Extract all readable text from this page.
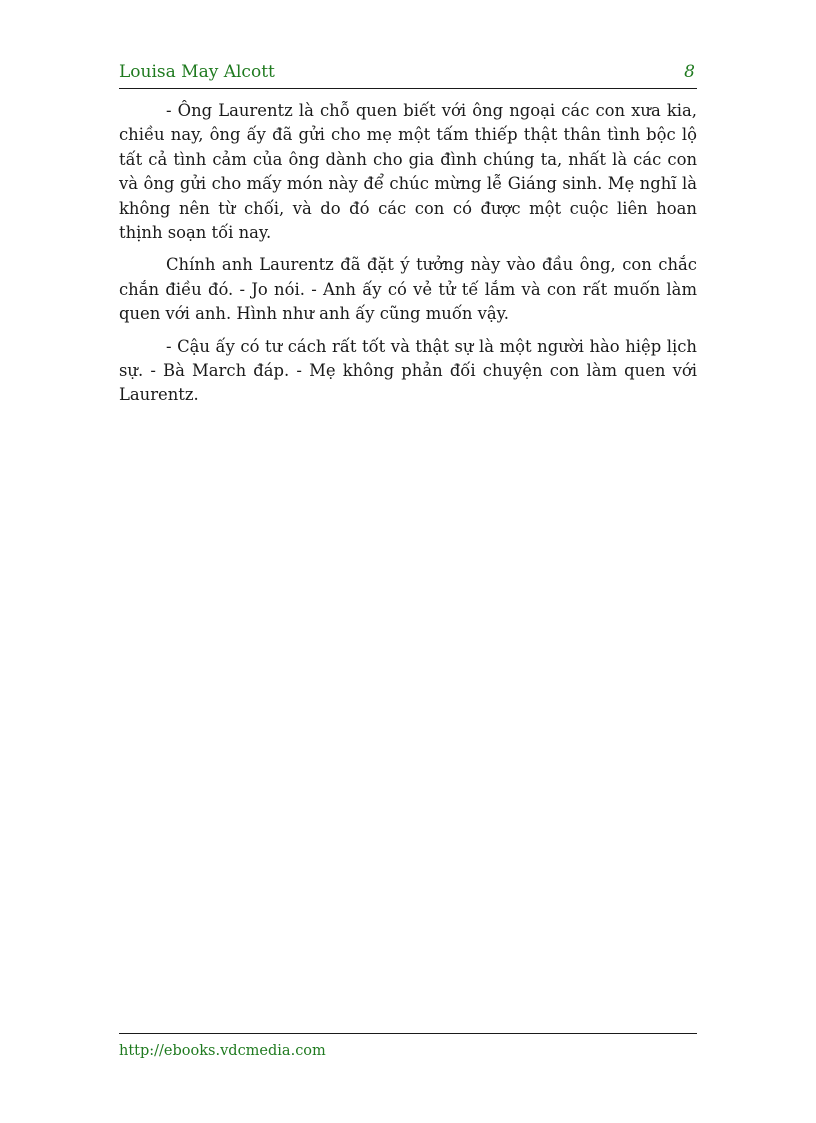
Louisa May Alcott	8

- Ông Laurentz là chỗ quen biết với ông ngoại các con xưa kia, chiều nay, ông ấy đã gửi cho mẹ một tấm thiếp thật thân tình bộc lộ tất cả tình cảm của ông dành cho gia đình chúng ta, nhất là các con và ông gửi cho mấy món này để chúc mừng lễ Giáng sinh. Mẹ nghĩ là không nên từ chối, và do đó các con có được một cuộc liên hoan thịnh soạn tối nay.

Chính anh Laurentz đã đặt ý tưởng này vào đầu ông, con chắc chắn điều đó. - Jo nói. - Anh ấy có vẻ tử tế lắm và con rất muốn làm quen với anh. Hình như anh ấy cũng muốn vậy.

- Cậu ấy có tư cách rất tốt và thật sự là một người hào hiệp lịch sự. - Bà March đáp. - Mẹ không phản đối chuyện con làm quen với Laurentz.

http://ebooks.vdcmedia.com
